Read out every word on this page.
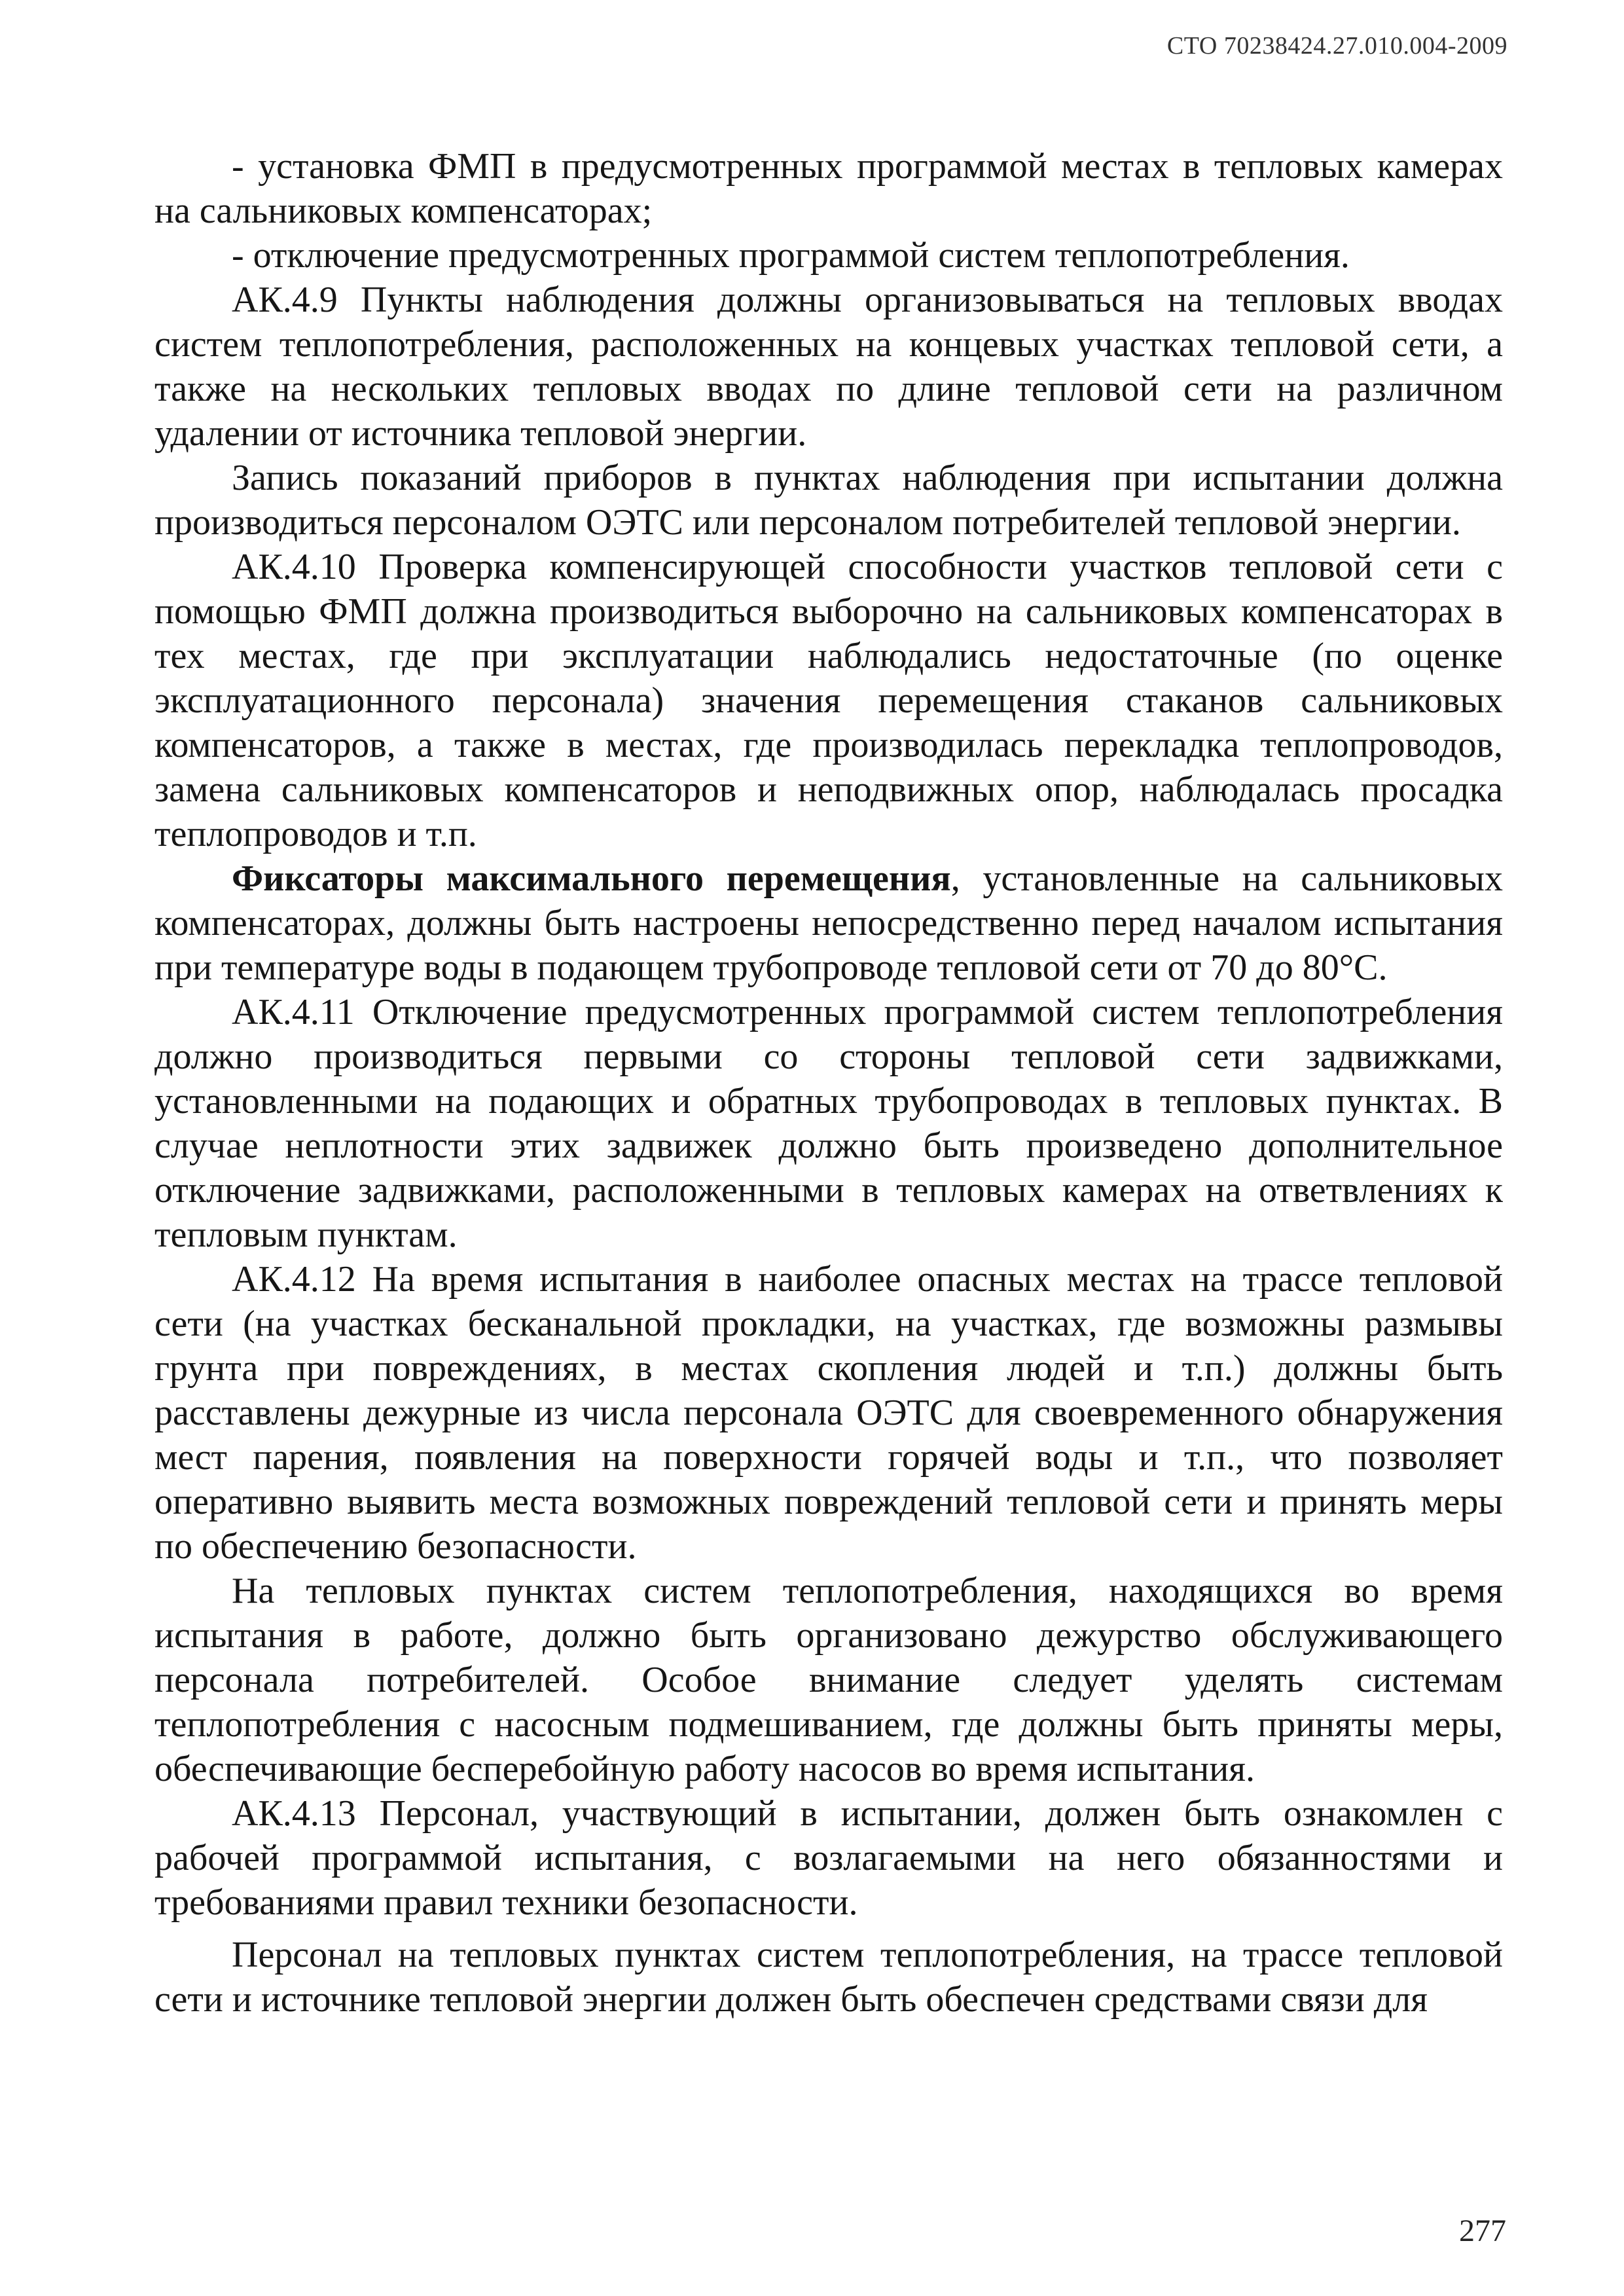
СТО 70238424.27.010.004-2009

- установка ФМП в предусмотренных программой местах в тепловых камерах на сальниковых компенсаторах;

- отключение предусмотренных программой систем теплопотребления.

АК.4.9 Пункты наблюдения должны организовываться на тепловых вводах систем теплопотребления, расположенных на концевых участках тепловой сети, а также на нескольких тепловых вводах по длине тепловой сети на различном удалении от источника тепловой энергии.

Запись показаний приборов в пунктах наблюдения при испытании должна производиться персоналом ОЭТС или персоналом потребителей тепловой энергии.

АК.4.10 Проверка компенсирующей способности участков тепловой сети с помощью ФМП должна производиться выборочно на сальниковых компенсаторах в тех местах, где при эксплуатации наблюдались недостаточные (по оценке эксплуатационного персонала) значения перемещения стаканов сальниковых компенсаторов, а также в местах, где производилась перекладка теплопроводов, замена сальниковых компенсаторов и неподвижных опор, наблюдалась просадка теплопроводов и т.п.

Фиксаторы максимального перемещения, установленные на сальниковых компенсаторах, должны быть настроены непосредственно перед началом испытания при температуре воды в подающем трубопроводе тепловой сети от 70 до 80°С.

АК.4.11 Отключение предусмотренных программой систем теплопотребления должно производиться первыми со стороны тепловой сети задвижками, установленными на подающих и обратных трубопроводах в тепловых пунктах. В случае неплотности этих задвижек должно быть произведено дополнительное отключение задвижками, расположенными в тепловых камерах на ответвлениях к тепловым пунктам.

АК.4.12 На время испытания в наиболее опасных местах на трассе тепловой сети (на участках бесканальной прокладки, на участках, где возможны размывы грунта при повреждениях, в местах скопления людей и т.п.) должны быть расставлены дежурные из числа персонала ОЭТС для своевременного обнаружения мест парения, появления на поверхности горячей воды и т.п., что позволяет оперативно выявить места возможных повреждений тепловой сети и принять меры по обеспечению безопасности.

На тепловых пунктах систем теплопотребления, находящихся во время испытания в работе, должно быть организовано дежурство обслуживающего персонала потребителей. Особое внимание следует уделять системам теплопотребления с насосным подмешиванием, где должны быть приняты меры, обеспечивающие бесперебойную работу насосов во время испытания.

АК.4.13 Персонал, участвующий в испытании, должен быть ознакомлен с рабочей программой испытания, с возлагаемыми на него обязанностями и требованиями правил техники безопасности.

Персонал на тепловых пунктах систем теплопотребления, на трассе тепловой сети и источнике тепловой энергии должен быть обеспечен средствами связи для

277
